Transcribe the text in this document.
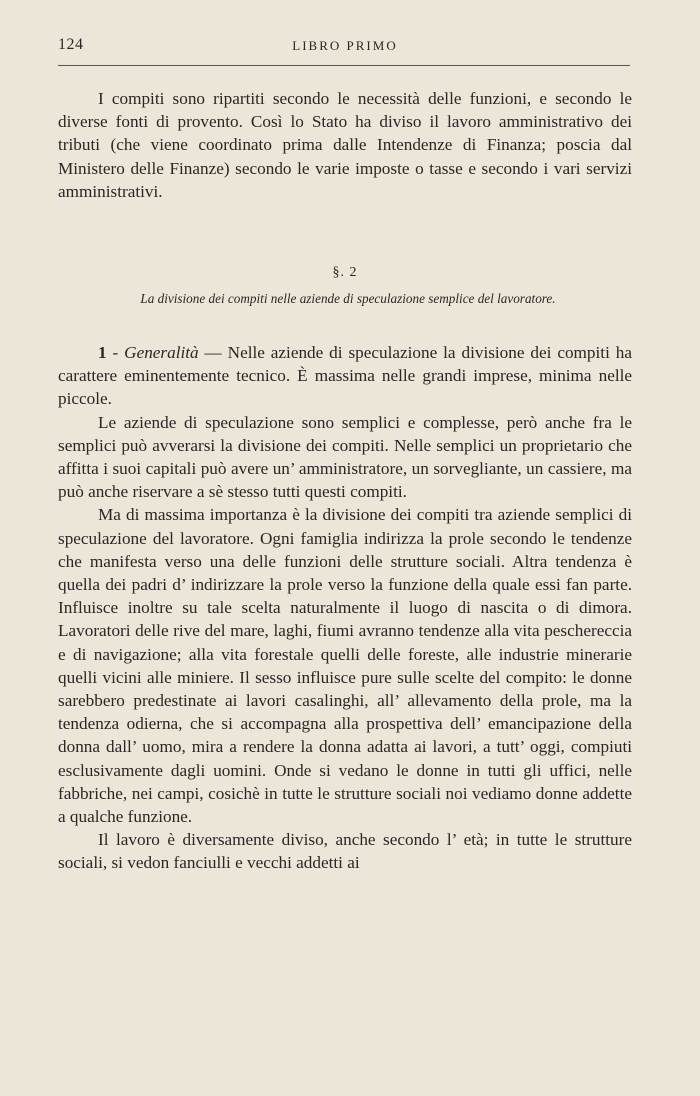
124	LIBRO PRIMO

I compiti sono ripartiti secondo le necessità delle funzioni, e secondo le diverse fonti di provento. Così lo Stato ha diviso il lavoro amministrativo dei tributi (che viene coordinato prima dalle Intendenze di Finanza; poscia dal Ministero delle Finanze) secondo le varie imposte o tasse e secondo i vari servizi amministrativi.

§. 2
La divisione dei compiti nelle aziende di speculazione semplice del lavoratore.

1 - Generalità — Nelle aziende di speculazione la divisione dei compiti ha carattere eminentemente tecnico. È massima nelle grandi imprese, minima nelle piccole.

Le aziende di speculazione sono semplici e complesse, però anche fra le semplici può avverarsi la divisione dei compiti. Nelle semplici un proprietario che affitta i suoi capitali può avere un’ amministratore, un sorvegliante, un cassiere, ma può anche riservare a sè stesso tutti questi compiti.

Ma di massima importanza è la divisione dei compiti tra aziende semplici di speculazione del lavoratore. Ogni famiglia indirizza la prole secondo le tendenze che manifesta verso una delle funzioni delle strutture sociali. Altra tendenza è quella dei padri d’ indirizzare la prole verso la funzione della quale essi fan parte. Influisce inoltre su tale scelta naturalmente il luogo di nascita o di dimora. Lavoratori delle rive del mare, laghi, fiumi avranno tendenze alla vita peschereccia e di navigazione; alla vita forestale quelli delle foreste, alle industrie minerarie quelli vicini alle miniere. Il sesso influisce pure sulle scelte del compito: le donne sarebbero predestinate ai lavori casalinghi, all’ allevamento della prole, ma la tendenza odierna, che si accompagna alla prospettiva dell’ emancipazione della donna dall’ uomo, mira a rendere la donna adatta ai lavori, a tutt’ oggi, compiuti esclusivamente dagli uomini. Onde si vedano le donne in tutti gli uffici, nelle fabbriche, nei campi, cosichè in tutte le strutture sociali noi vediamo donne addette a qualche funzione.

Il lavoro è diversamente diviso, anche secondo l’ età; in tutte le strutture sociali, si vedon fanciulli e vecchi addetti ai
